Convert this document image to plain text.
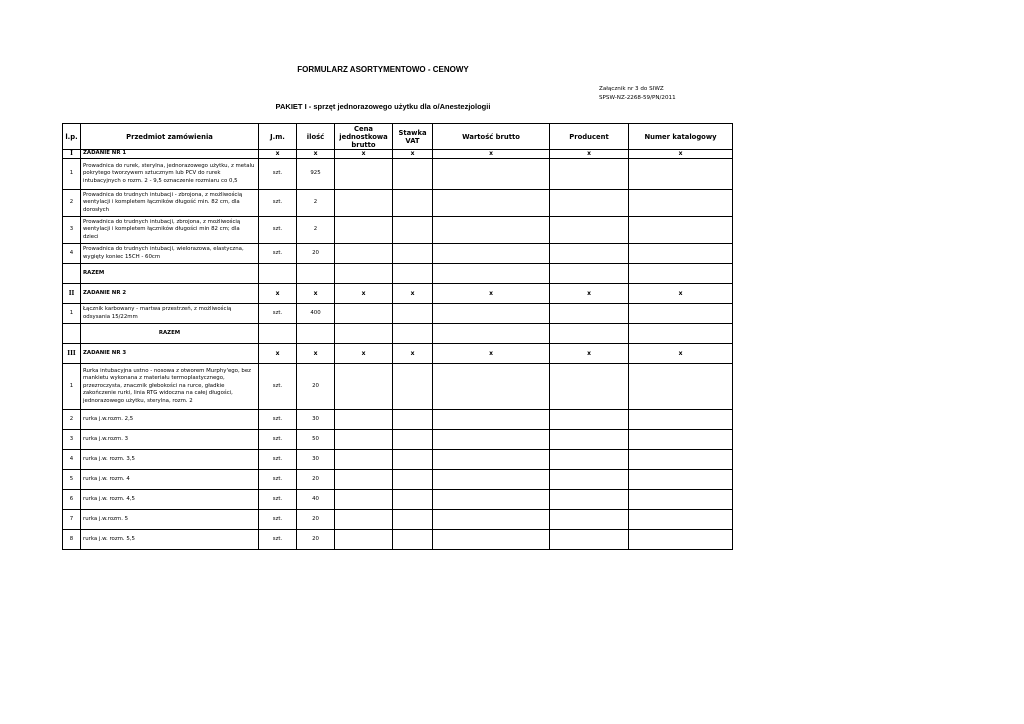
FORMULARZ ASORTYMENTOWO - CENOWY
Załącznik nr 3 do SIWZ
SPSW-NZ-2268-59/PN/2011
PAKIET I - sprzęt jednorazowego użytku dla o/Anestezjologii
l.p.	Przedmiot zamówienia	J.m.	ilość	Cena jednostkowa brutto	Stawka VAT	Wartość brutto	Producent	Numer katalogowy
I	ZADANIE NR 1	x	x	x	x	x	x	x
1	Prowadnica do rurek, sterylna, jednorazowego użytku, z metalu pokrytego tworzywem sztucznym lub PCV do rurek intubacyjnych o rozm. 2 - 9,5 oznaczenie rozmiaru co 0,5	szt.	925					
2	Prowadnica do trudnych intubacji - zbrojona, z możliwością wentylacji i kompletem łączników długość min. 82 cm, dla dorosłych	szt.	2					
3	Prowadnica do trudnych intubacji, zbrojona, z możliwością wentylacji i kompletem łączników długości min 82 cm; dla dzieci	szt.	2					
4	Prowadnica do trudnych intubacji, wielorazowa, elastyczna, wygięty koniec 15CH - 60cm	szt.	20					
	RAZEM							
II	ZADANIE NR 2	x	x	x	x	x	x	x
1	Łącznik karbowany - martwa przestrzeń, z możliwością odsysania 15/22mm	szt.	400					
	RAZEM							
III	ZADANIE NR 3	x	x	x	x	x	x	x
1	Rurka intubacyjna ustno - nosowa z otworem Murphy'ego, bez mankietu wykonana z materiału termoplastycznego, przezroczysta, znacznik głebokości na rurce, gładkie zakończenie rurki, linia RTG widoczna na całej długości, jednorazowego użytku, sterylna, rozm. 2	szt.	20					
2	rurka j.w.rozm. 2,5	szt.	30					
3	rurka j.w.rozm. 3	szt.	50					
4	rurka j.w. rozm. 3,5	szt.	30					
5	rurka j.w. rozm. 4	szt.	20					
6	rurka j.w. rozm. 4,5	szt.	40					
7	rurka j.w.rozm. 5	szt.	20					
8	rurka j.w. rozm. 5,5	szt.	20					
